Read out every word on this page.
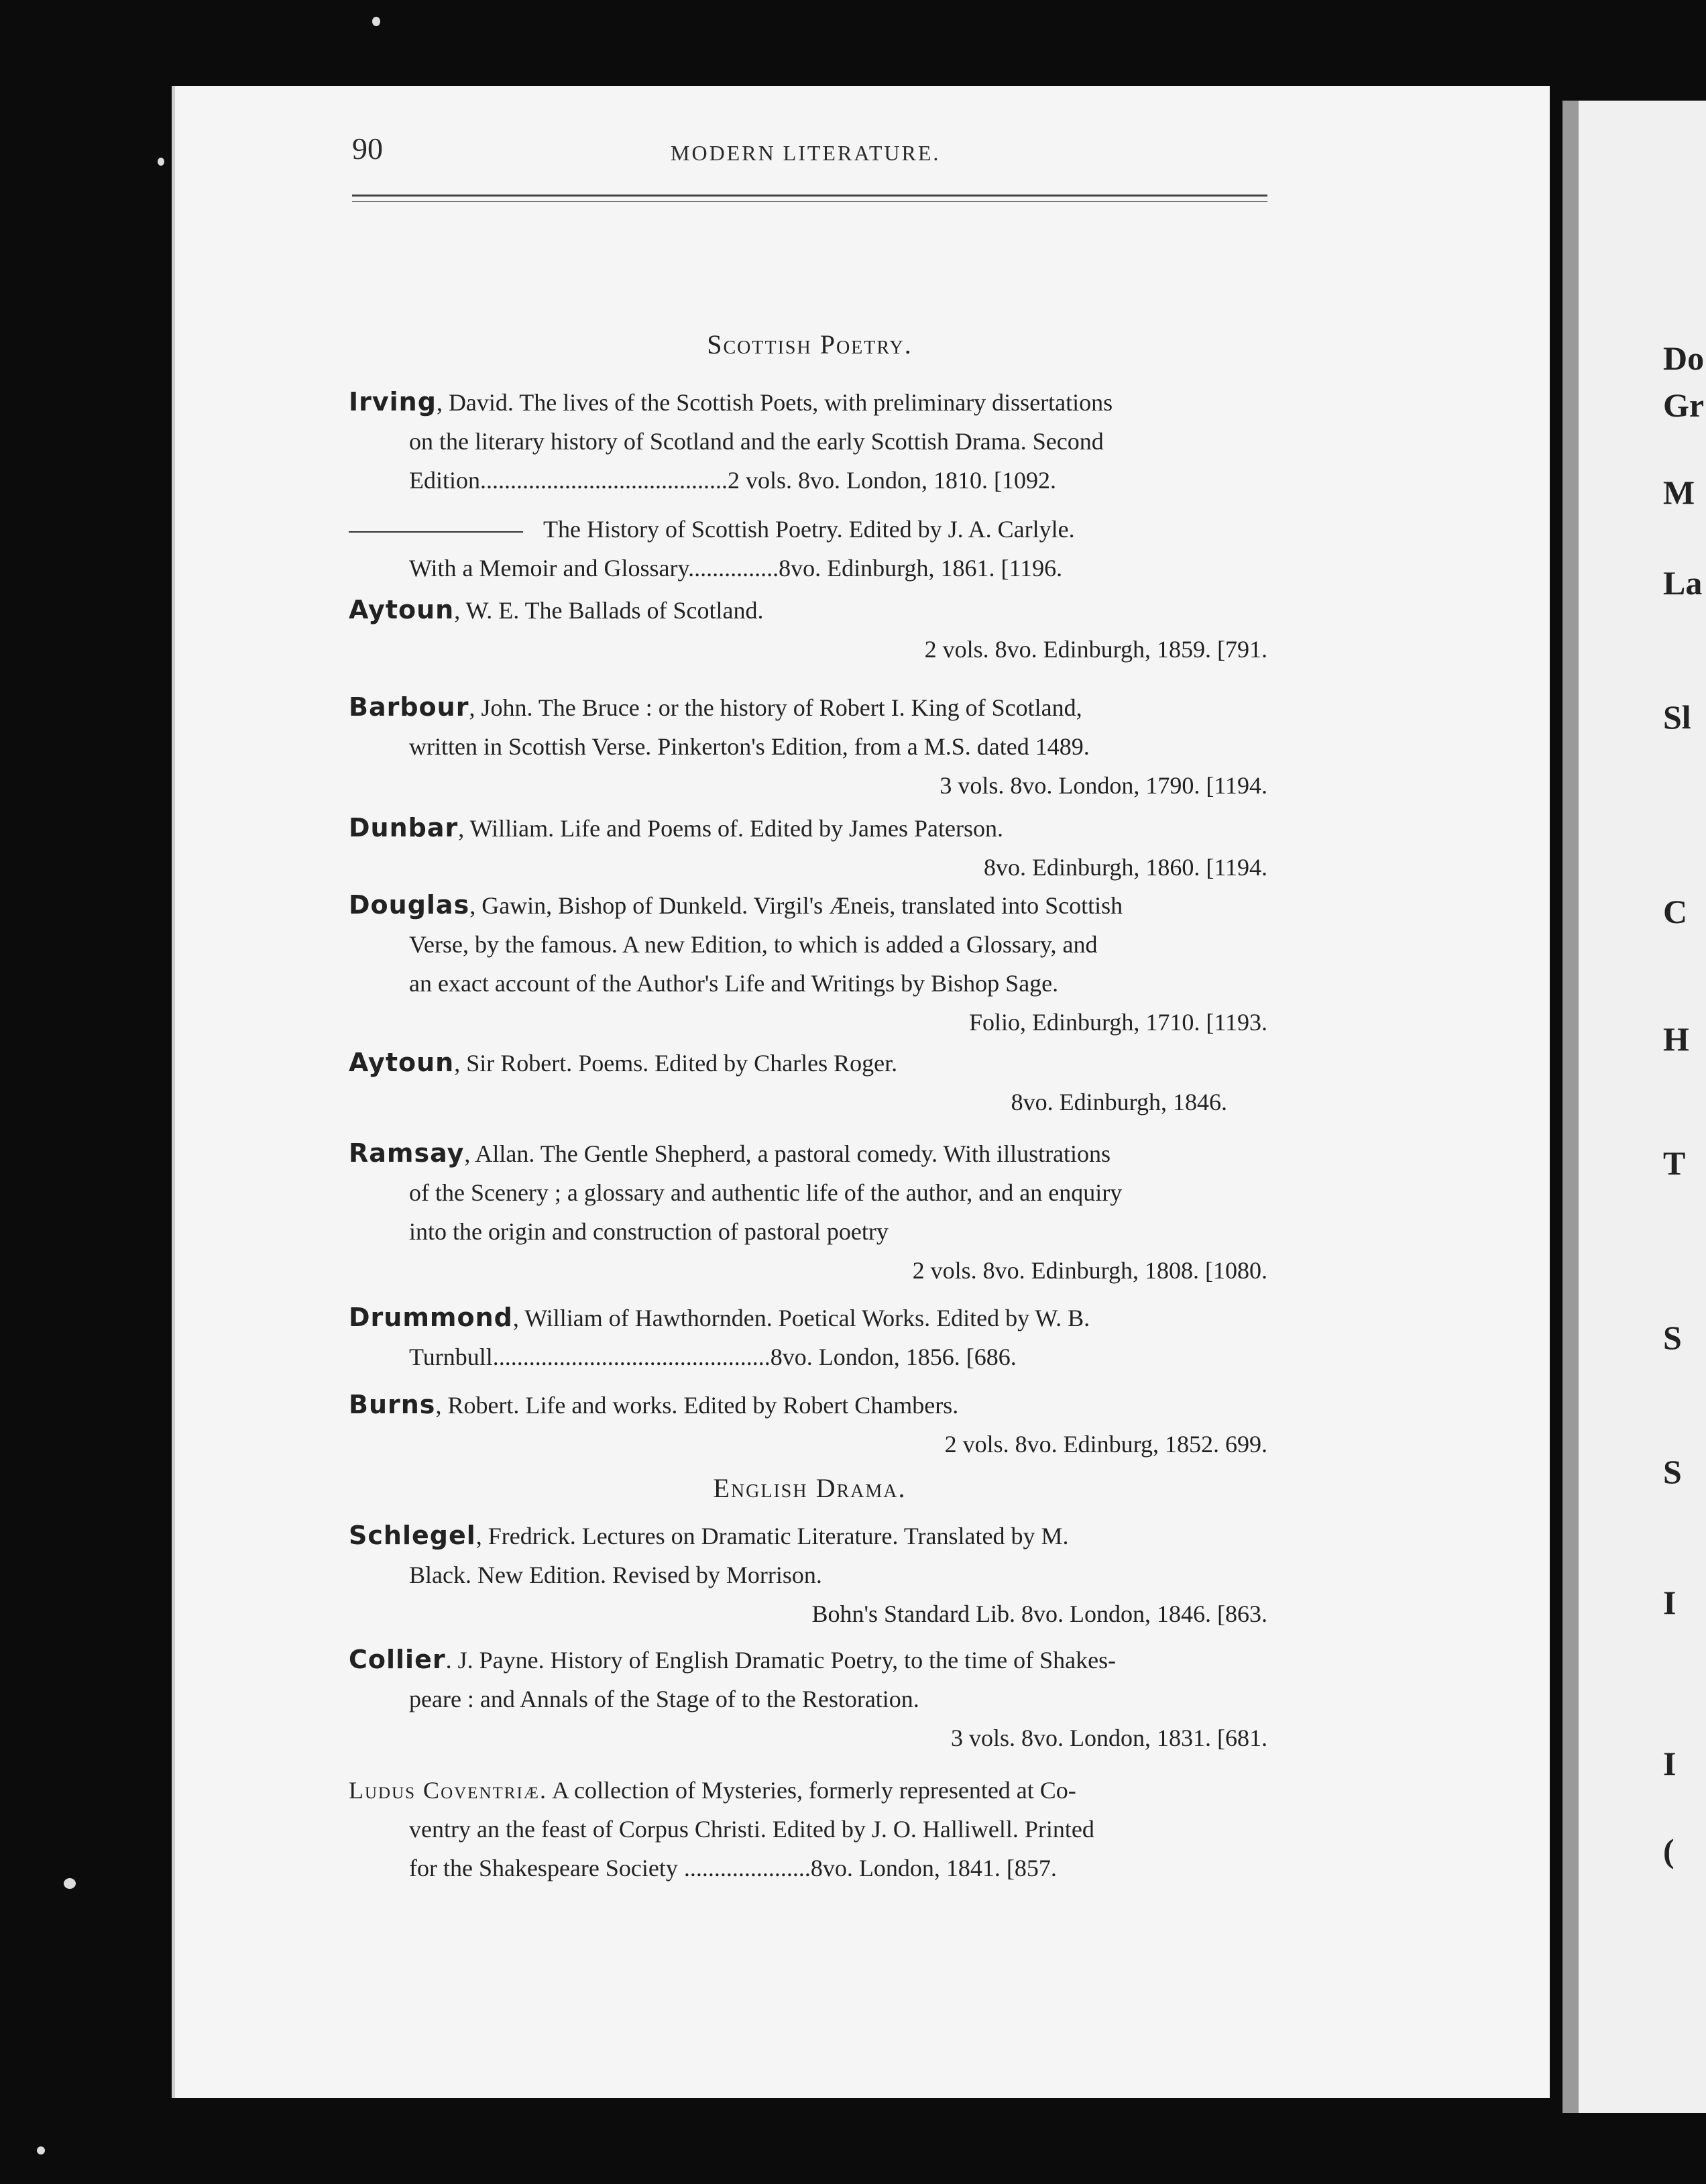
Do
Gr
M
La
Sl
C
H
T
S
S
I
I
(
90	MODERN LITERATURE.
Scottish Poetry.
Irving, David. The lives of the Scottish Poets, with preliminary dissertations
on the literary history of Scotland and the early Scottish Drama. Second
Edition.........................................2 vols. 8vo. London, 1810. [1092.
The History of Scottish Poetry. Edited by J. A. Carlyle.
With a Memoir and Glossary...............8vo. Edinburgh, 1861. [1196.
Aytoun, W. E. The Ballads of Scotland.
2 vols. 8vo. Edinburgh, 1859. [791.
Barbour, John. The Bruce : or the history of Robert I. King of Scotland,
written in Scottish Verse. Pinkerton's Edition, from a M.S. dated 1489.
3 vols. 8vo. London, 1790. [1194.
Dunbar, William. Life and Poems of. Edited by James Paterson.
8vo. Edinburgh, 1860. [1194.
Douglas, Gawin, Bishop of Dunkeld. Virgil's Æneis, translated into Scottish
Verse, by the famous. A new Edition, to which is added a Glossary, and
an exact account of the Author's Life and Writings by Bishop Sage.
Folio, Edinburgh, 1710. [1193.
Aytoun, Sir Robert. Poems. Edited by Charles Roger.
8vo. Edinburgh, 1846.
Ramsay, Allan. The Gentle Shepherd, a pastoral comedy. With illustrations
of the Scenery ; a glossary and authentic life of the author, and an enquiry
into the origin and construction of pastoral poetry
2 vols. 8vo. Edinburgh, 1808. [1080.
Drummond, William of Hawthornden. Poetical Works. Edited by W. B.
Turnbull..............................................8vo. London, 1856. [686.
Burns, Robert. Life and works. Edited by Robert Chambers.
2 vols. 8vo. Edinburg, 1852. 699.
English Drama.
Schlegel, Fredrick. Lectures on Dramatic Literature. Translated by M.
Black. New Edition. Revised by Morrison.
Bohn's Standard Lib. 8vo. London, 1846. [863.
Collier. J. Payne. History of English Dramatic Poetry, to the time of Shakes-
peare : and Annals of the Stage of to the Restoration.
3 vols. 8vo. London, 1831. [681.
Ludus Coventriæ. A collection of Mysteries, formerly represented at Co-
ventry an the feast of Corpus Christi. Edited by J. O. Halliwell. Printed
for the Shakespeare Society .....................8vo. London, 1841. [857.
